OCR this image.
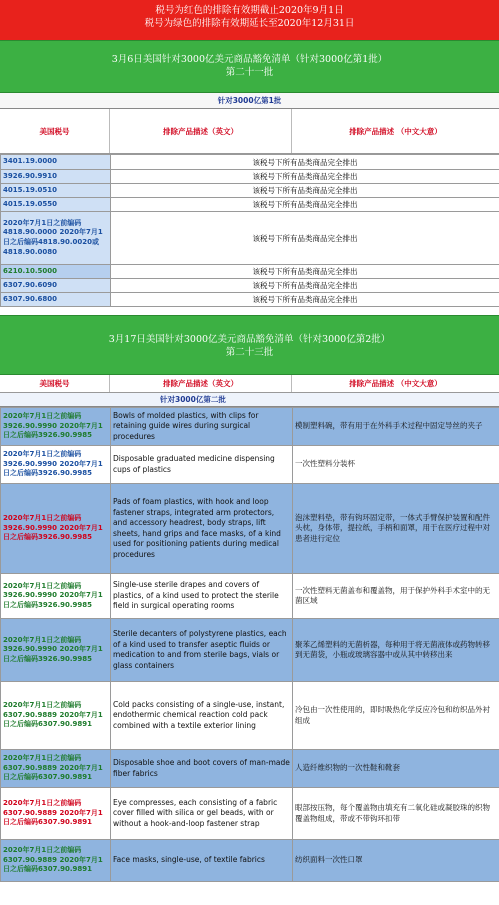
税号为红色的排除有效期截止2020年9月1日
税号为绿色的排除有效期延长至2020年12月31日
3月6日美国针对3000亿美元商品豁免清单（针对3000亿第1批）
第二十一批
针对3000亿第1批
美国税号	排除产品描述（英文）	排除产品描述 （中文大意）
3401.19.0000	该税号下所有品类商品完全排出
3926.90.9910	该税号下所有品类商品完全排出
4015.19.0510	该税号下所有品类商品完全排出
4015.19.0550	该税号下所有品类商品完全排出
2020年7月1日之前编码4818.90.0000 2020年7月1日之后编码4818.90.0020或4818.90.0080	该税号下所有品类商品完全排出
6210.10.5000	该税号下所有品类商品完全排出
6307.90.6090	该税号下所有品类商品完全排出
6307.90.6800	该税号下所有品类商品完全排出
3月17日美国针对3000亿美元商品豁免清单（针对3000亿第2批）
第二十三批
美国税号	排除产品描述（英文）	排除产品描述 （中文大意）
针对3000亿第二批
2020年7月1日之前编码3926.90.9990 2020年7月1日之后编码3926.90.9985	Bowls of molded plastics, with clips for retaining guide wires during surgical procedures	模制塑料碗，带有用于在外科手术过程中固定导丝的夹子
2020年7月1日之前编码3926.90.9990 2020年7月1日之后编码3926.90.9985	Disposable graduated medicine dispensing cups of plastics	一次性塑料分装杯
2020年7月1日之前编码3926.90.9990 2020年7月1日之后编码3926.90.9985	Pads of foam plastics, with hook and loop fastener straps, integrated arm protectors, and accessory headrest, body straps, lift sheets, hand grips and face masks, of a kind used for positioning patients during medical procedures	泡沫塑料垫，带有钩环固定带，一体式手臂保护装置和配件头枕，身体带，提拉纸，手柄和面罩，用于在医疗过程中对患者进行定位
2020年7月1日之前编码3926.90.9990 2020年7月1日之后编码3926.90.9985	Single-use sterile drapes and covers of plastics, of a kind used to protect the sterile field in surgical operating rooms	一次性塑料无菌盖布和覆盖物，用于保护外科手术室中的无菌区域
2020年7月1日之前编码3926.90.9990 2020年7月1日之后编码3926.90.9985	Sterile decanters of polystyrene plastics, each of a kind used to transfer aseptic fluids or medication to and from sterile bags, vials or glass containers	聚苯乙烯塑料的无菌析器，每种用于将无菌液体或药物转移到无菌袋，小瓶或玻璃容器中或从其中转移出来
2020年7月1日之前编码6307.90.9889 2020年7月1日之后编码6307.90.9891	Cold packs consisting of a single-use, instant, endothermic chemical reaction cold pack combined with a textile exterior lining	冷包由一次性使用的，即时吸热化学反应冷包和纺织品外衬组成
2020年7月1日之前编码6307.90.9889 2020年7月1日之后编码6307.90.9891	Disposable shoe and boot covers of man-made fiber fabrics	人造纤维织物的一次性鞋和靴套
2020年7月1日之前编码6307.90.9889 2020年7月1日之后编码6307.90.9891	Eye compresses, each consisting of a fabric cover filled with silica or gel beads, with or without a hook-and-loop fastener strap	眼部按压物，每个覆盖物由填充有二氧化硅或凝胶珠的织物覆盖物组成，带或不带钩环扣带
2020年7月1日之前编码6307.90.9889 2020年7月1日之后编码6307.90.9891	Face masks, single-use, of textile fabrics	纺织面料一次性口罩
